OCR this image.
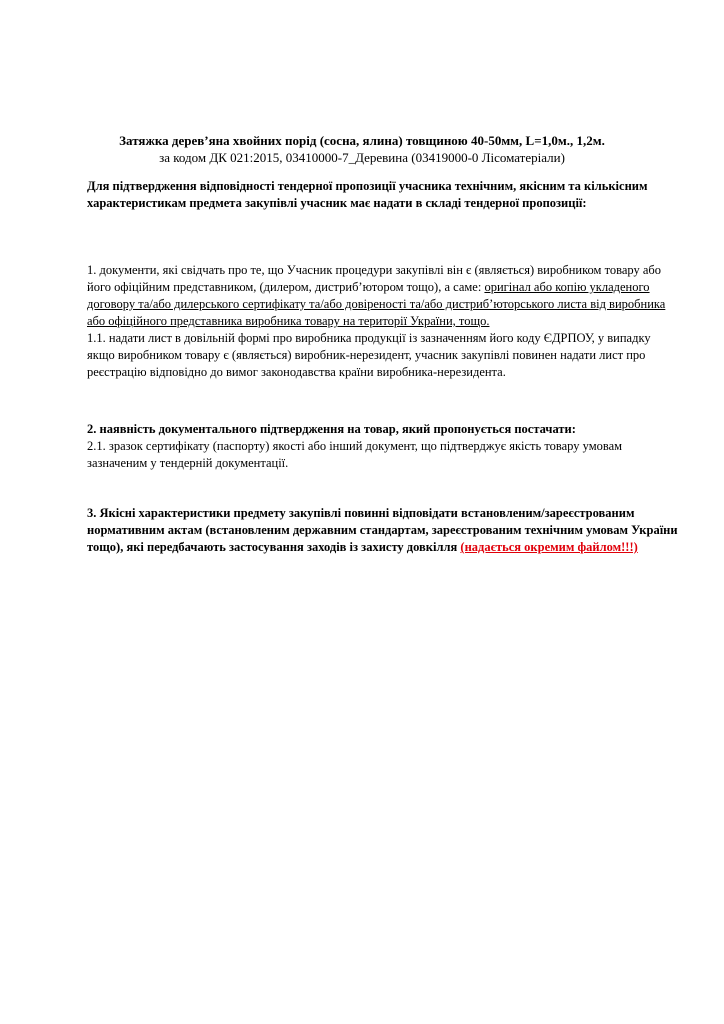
Затяжка дерев’яна хвойних порід (сосна, ялина) товщиною 40-50мм, L=1,0м., 1,2м.
за кодом ДК 021:2015, 03410000-7_Деревина (03419000-0 Лісоматеріали)
Для підтвердження відповідності тендерної пропозиції учасника технічним, якісним та кількісним характеристикам предмета закупівлі учасник має надати в складі тендерної пропозиції:

1. документи, які свідчать про те, що Учасник процедури закупівлі він є (являється) виробником товару або його офіційним представником, (дилером, дистриб’ютором тощо), а саме: оригінал або копію укладеного договору та/або дилерського сертифікату та/або довіреності та/або дистриб’юторського листа від виробника або офіційного представника виробника товару на території України, тощо.

1.1. надати лист в довільній формі про виробника продукції із зазначенням його коду ЄДРПОУ, у випадку якщо виробником товару є (являється) виробник-нерезидент, учасник закупівлі повинен надати лист про реєстрацію відповідно до вимог законодавства країни виробника-нерезидента.

2. наявність документального підтвердження на товар, який пропонується постачати:

2.1. зразок сертифікату (паспорту) якості або інший документ, що підтверджує якість товару умовам зазначеним у тендерній документації.

3. Якісні характеристики предмету закупівлі повинні відповідати встановленим/зареєстрованим нормативним актам (встановленим державним стандартам, зареєстрованим технічним умовам України тощо), які передбачають застосування заходів із захисту довкілля (надається окремим файлом!!!)
